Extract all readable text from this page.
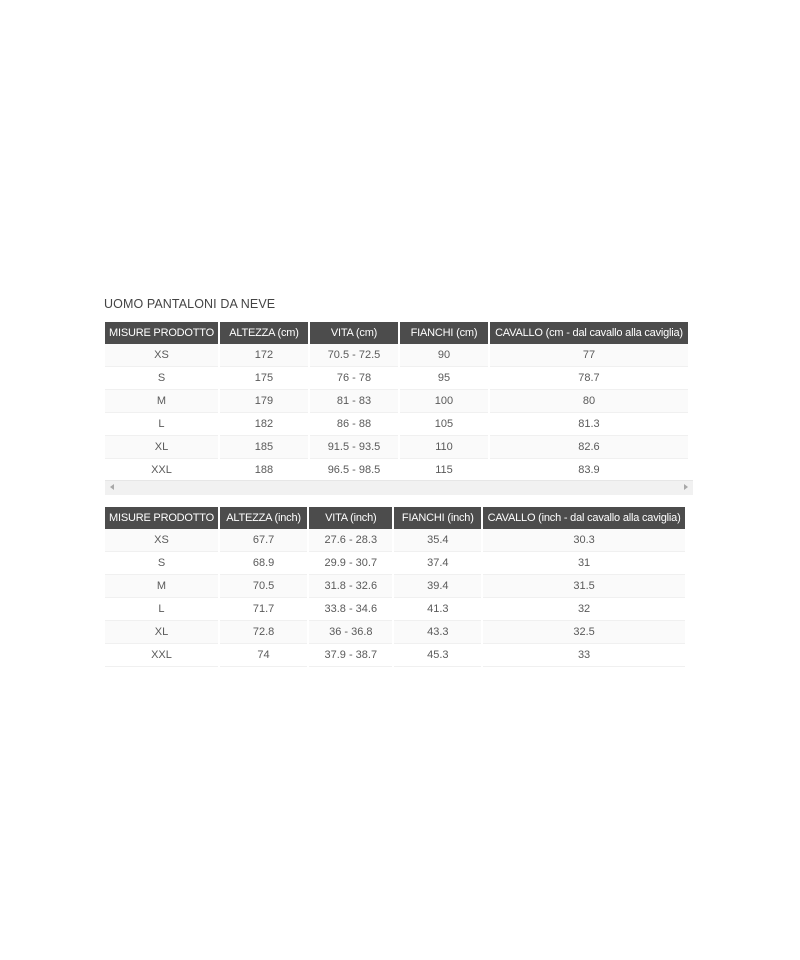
UOMO PANTALONI DA NEVE
MISURE PRODOTTO	ALTEZZA (cm)	VITA (cm)	FIANCHI (cm)	CAVALLO (cm - dal cavallo alla caviglia)
XS	172	70.5 - 72.5	90	77
S	175	76 - 78	95	78.7
M	179	81 - 83	100	80
L	182	86 - 88	105	81.3
XL	185	91.5 - 93.5	110	82.6
XXL	188	96.5 - 98.5	115	83.9
MISURE PRODOTTO	ALTEZZA (inch)	VITA (inch)	FIANCHI (inch)	CAVALLO (inch - dal cavallo alla caviglia)
XS	67.7	27.6 - 28.3	35.4	30.3
S	68.9	29.9 - 30.7	37.4	31
M	70.5	31.8 - 32.6	39.4	31.5
L	71.7	33.8 - 34.6	41.3	32
XL	72.8	36 - 36.8	43.3	32.5
XXL	74	37.9 - 38.7	45.3	33
